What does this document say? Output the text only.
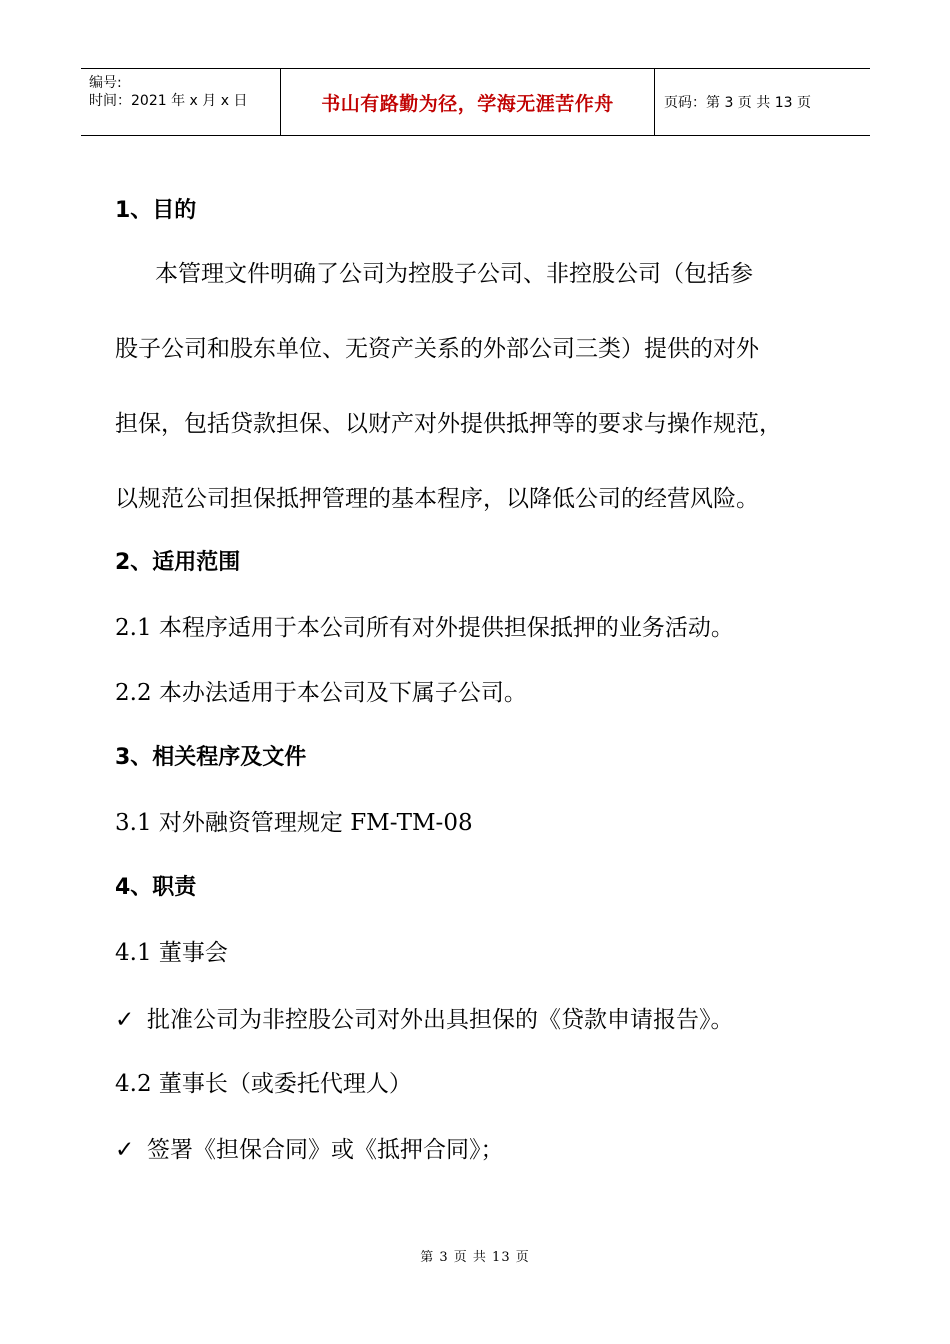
编号:
时间：2021 年 x 月 x 日	书山有路勤为径，学海无涯苦作舟	页码：第 3 页 共 13 页
1、目的
本管理文件明确了公司为控股子公司、非控股公司（包括参
股子公司和股东单位、无资产关系的外部公司三类）提供的对外
担保，包括贷款担保、以财产对外提供抵押等的要求与操作规范，
以规范公司担保抵押管理的基本程序，以降低公司的经营风险。
2、适用范围
2.1 本程序适用于本公司所有对外提供担保抵押的业务活动。
2.2 本办法适用于本公司及下属子公司。
3、相关程序及文件
3.1 对外融资管理规定 FM-TM-08
4、职责
4.1 董事会
✓ 批准公司为非控股公司对外出具担保的《贷款申请报告》。
4.2 董事长（或委托代理人）
✓ 签署《担保合同》或《抵押合同》；
第 3 页 共 13 页
